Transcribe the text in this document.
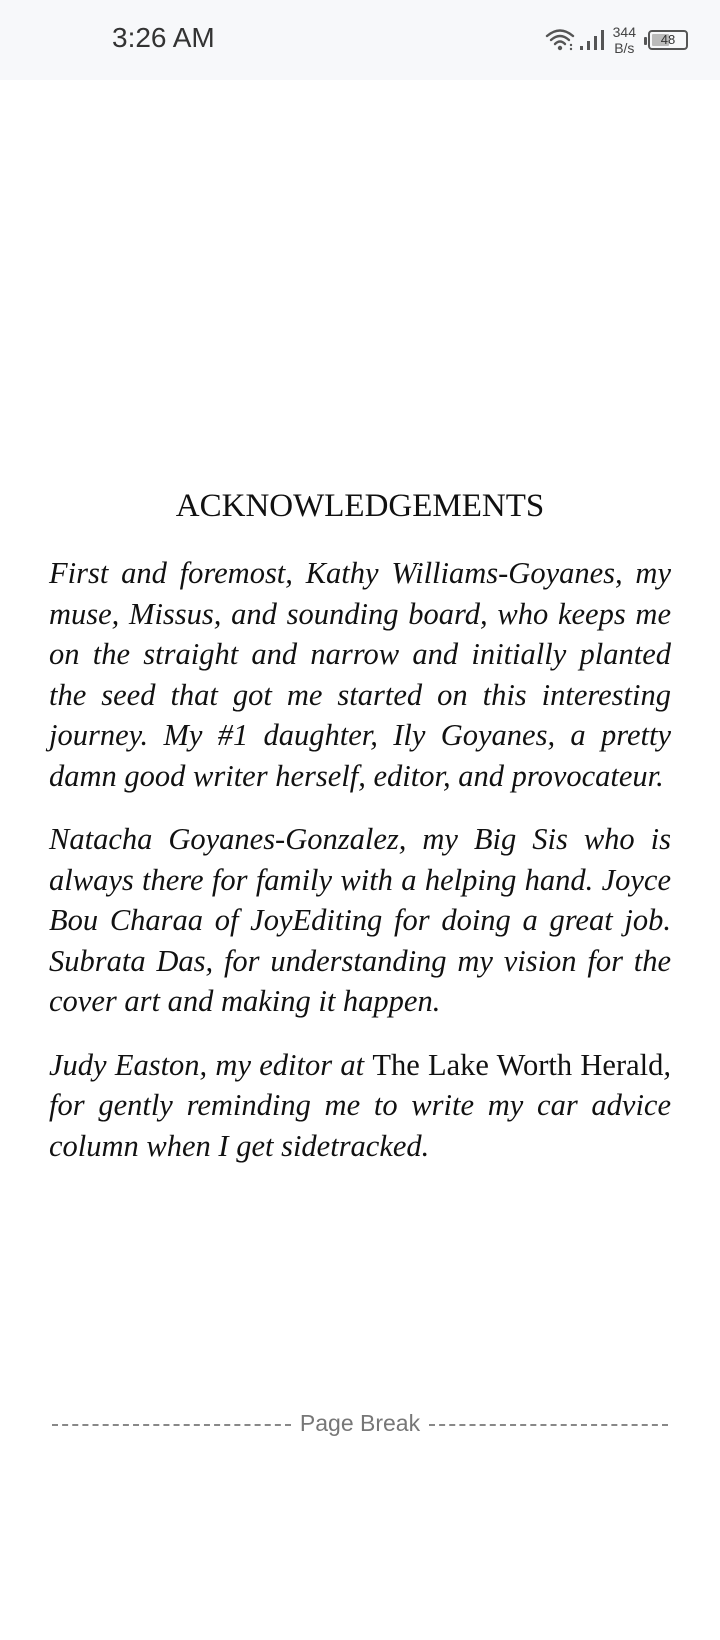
3:26 AM	344
B/s
48
ACKNOWLEDGEMENTS

First and foremost, Kathy Williams-Goyanes, my muse, Missus, and sounding board, who keeps me on the straight and narrow and initially planted the seed that got me started on this interesting journey. My #1 daughter, Ily Goyanes, a pretty damn good writer herself, editor, and provocateur.

Natacha Goyanes-Gonzalez, my Big Sis who is always there for family with a helping hand. Joyce Bou Charaa of JoyEditing for doing a great job. Subrata Das, for understanding my vision for the cover art and making it happen.

Judy Easton, my editor at The Lake Worth Herald, for gently reminding me to write my car advice column when I get sidetracked.

Page Break
